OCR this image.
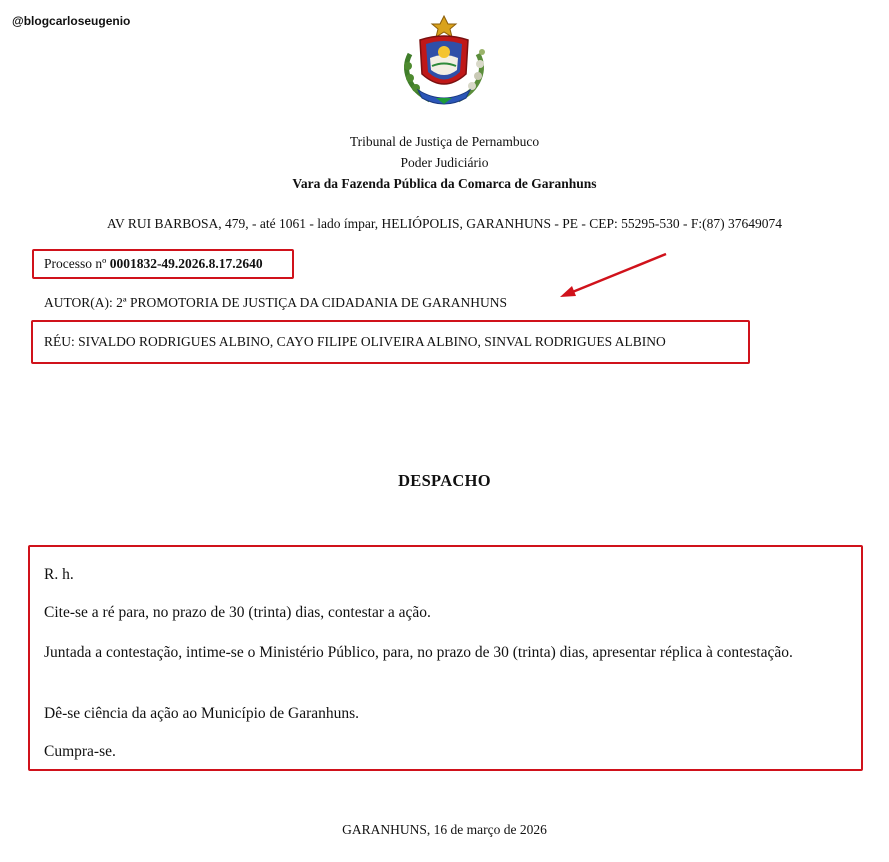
@blogcarloseugenio
Tribunal de Justiça de Pernambuco
Poder Judiciário
Vara da Fazenda Pública da Comarca de Garanhuns
AV RUI BARBOSA, 479, - até 1061 - lado ímpar, HELIÓPOLIS, GARANHUNS - PE - CEP: 55295-530 - F:(87) 37649074
Processo nº 0001832-49.2026.8.17.2640
AUTOR(A): 2ª PROMOTORIA DE JUSTIÇA DA CIDADANIA DE GARANHUNS
RÉU: SIVALDO RODRIGUES ALBINO, CAYO FILIPE OLIVEIRA ALBINO, SINVAL RODRIGUES ALBINO
DESPACHO
R. h.
Cite-se a ré para, no prazo de 30 (trinta) dias, contestar a ação.
Juntada a contestação, intime-se o Ministério Público, para, no prazo de 30 (trinta) dias, apresentar réplica à contestação.
Dê-se ciência da ação ao Município de Garanhuns.
Cumpra-se.
GARANHUNS, 16 de março de 2026
